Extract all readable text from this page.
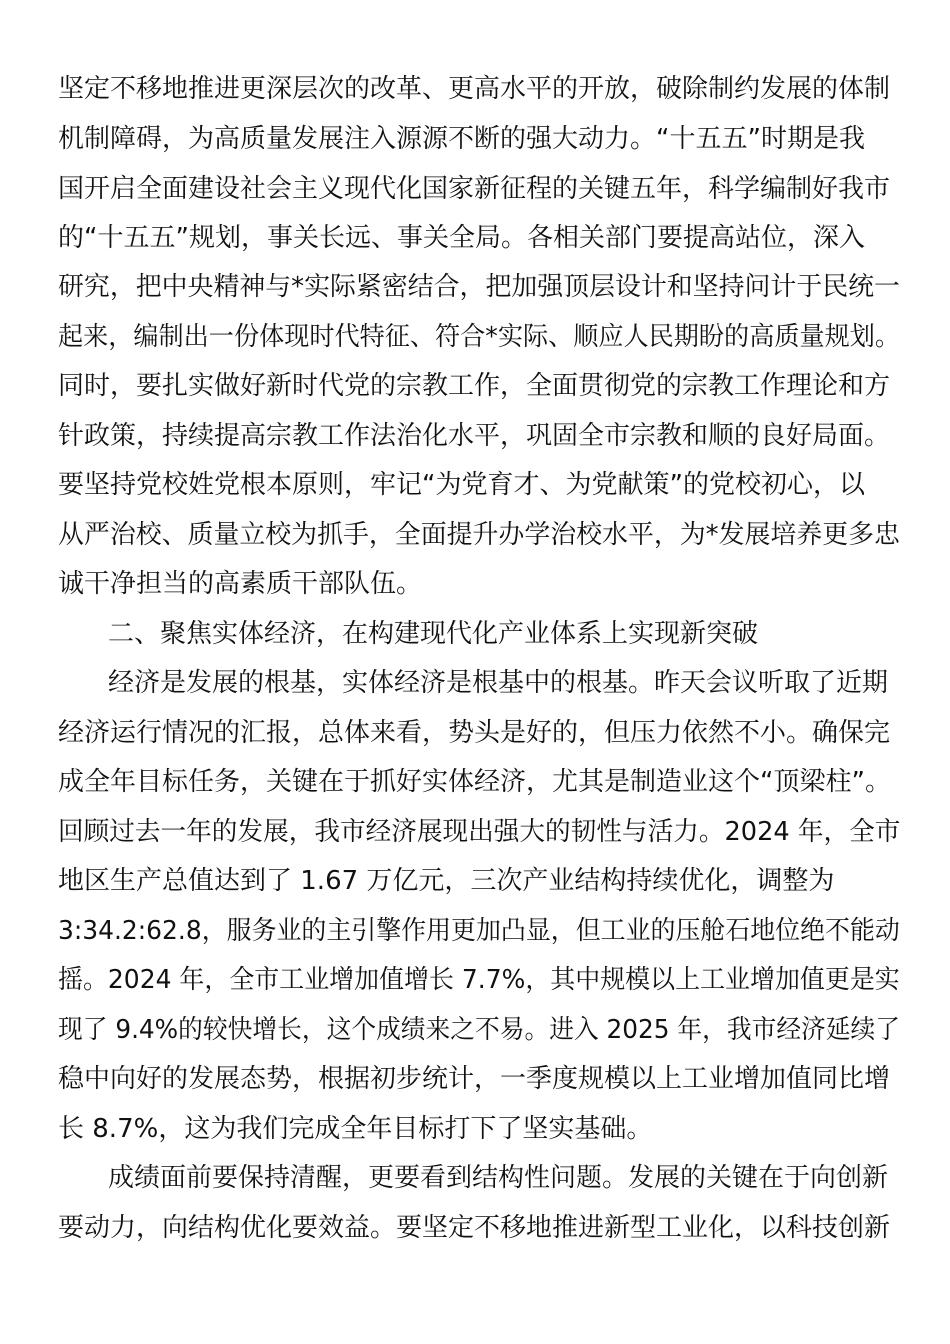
坚定不移地推进更深层次的改革、更高水平的开放，破除制约发展的体制
机制障碍，为高质量发展注入源源不断的强大动力。“十五五”时期是我
国开启全面建设社会主义现代化国家新征程的关键五年，科学编制好我市
的“十五五”规划，事关长远、事关全局。各相关部门要提高站位，深入
研究，把中央精神与*实际紧密结合，把加强顶层设计和坚持问计于民统一
起来，编制出一份体现时代特征、符合*实际、顺应人民期盼的高质量规划。
同时，要扎实做好新时代党的宗教工作，全面贯彻党的宗教工作理论和方
针政策，持续提高宗教工作法治化水平，巩固全市宗教和顺的良好局面。
要坚持党校姓党根本原则，牢记“为党育才、为党献策”的党校初心，以
从严治校、质量立校为抓手，全面提升办学治校水平，为*发展培养更多忠
诚干净担当的高素质干部队伍。
二、聚焦实体经济，在构建现代化产业体系上实现新突破
经济是发展的根基，实体经济是根基中的根基。昨天会议听取了近期
经济运行情况的汇报，总体来看，势头是好的，但压力依然不小。确保完
成全年目标任务，关键在于抓好实体经济，尤其是制造业这个“顶梁柱”。
回顾过去一年的发展，我市经济展现出强大的韧性与活力。2024 年，全市
地区生产总值达到了 1.67 万亿元，三次产业结构持续优化，调整为
3:34.2:62.8，服务业的主引擎作用更加凸显，但工业的压舱石地位绝不能动
摇。2024 年，全市工业增加值增长 7.7%，其中规模以上工业增加值更是实
现了 9.4%的较快增长，这个成绩来之不易。进入 2025 年，我市经济延续了
稳中向好的发展态势，根据初步统计，一季度规模以上工业增加值同比增
长 8.7%，这为我们完成全年目标打下了坚实基础。
成绩面前要保持清醒，更要看到结构性问题。发展的关键在于向创新
要动力，向结构优化要效益。要坚定不移地推进新型工业化，以科技创新
